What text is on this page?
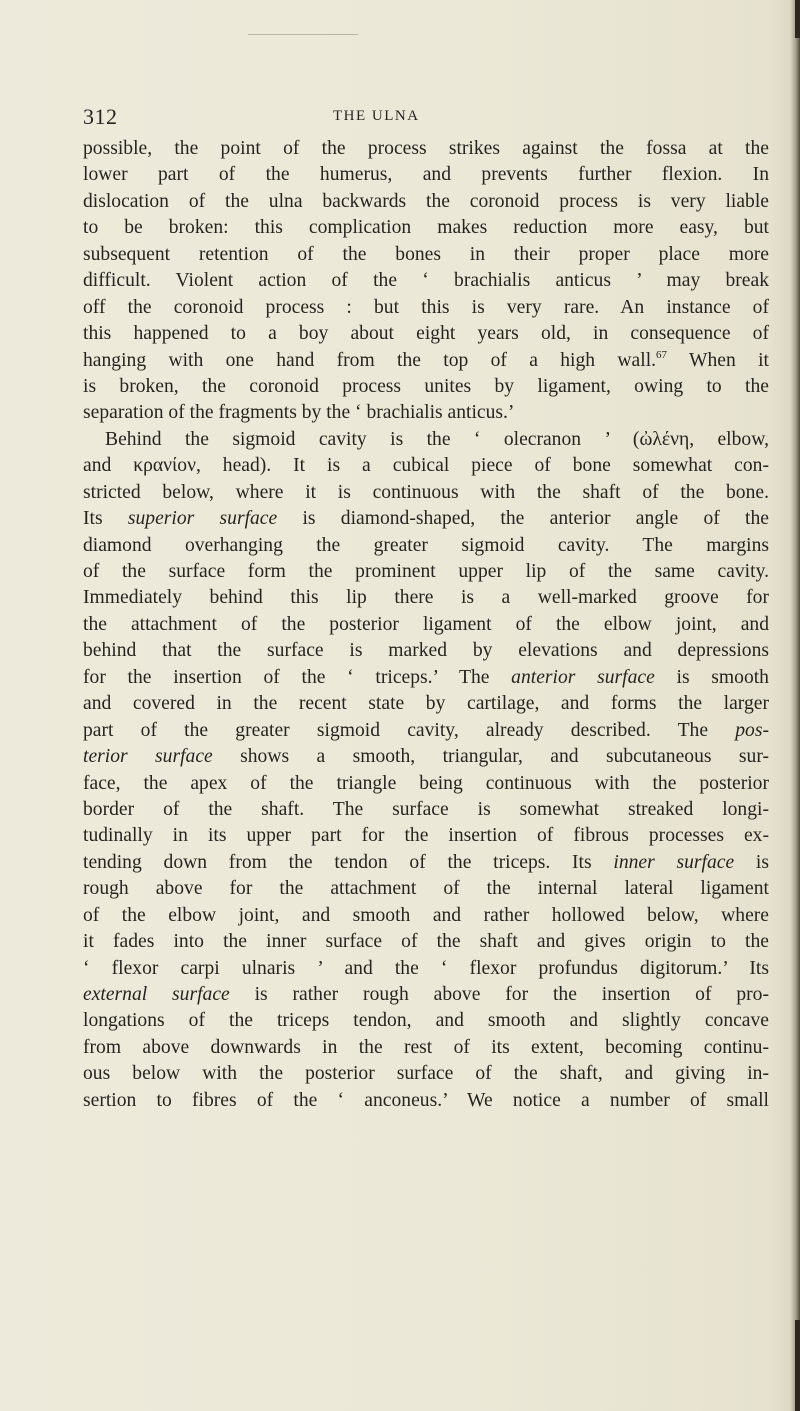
312	THE ULNA
possible, the point of the process strikes against the fossa at the
lower part of the humerus, and prevents further flexion. In
dislocation of the ulna backwards the coronoid process is very liable
to be broken: this complication makes reduction more easy, but
subsequent retention of the bones in their proper place more
difficult. Violent action of the ‘ brachialis anticus ’ may break
off the coronoid process : but this is very rare. An instance of
this happened to a boy about eight years old, in consequence of
hanging with one hand from the top of a high wall.$^{67}$ When it
is broken, the coronoid process unites by ligament, owing to the
separation of the fragments by the ‘ brachialis anticus.’
Behind the sigmoid cavity is the ‘ olecranon ’ (ὠλένη, elbow,
and κρανίον, head). It is a cubical piece of bone somewhat con-
stricted below, where it is continuous with the shaft of the bone.
Its superior surface is diamond-shaped, the anterior angle of the
diamond overhanging the greater sigmoid cavity. The margins
of the surface form the prominent upper lip of the same cavity.
Immediately behind this lip there is a well-marked groove for
the attachment of the posterior ligament of the elbow joint, and
behind that the surface is marked by elevations and depressions
for the insertion of the ‘ triceps.’ The anterior surface is smooth
and covered in the recent state by cartilage, and forms the larger
part of the greater sigmoid cavity, already described. The pos-
terior surface shows a smooth, triangular, and subcutaneous sur-
face, the apex of the triangle being continuous with the posterior
border of the shaft. The surface is somewhat streaked longi-
tudinally in its upper part for the insertion of fibrous processes ex-
tending down from the tendon of the triceps. Its inner surface is
rough above for the attachment of the internal lateral ligament
of the elbow joint, and smooth and rather hollowed below, where
it fades into the inner surface of the shaft and gives origin to the
‘ flexor carpi ulnaris ’ and the ‘ flexor profundus digitorum.’ Its
external surface is rather rough above for the insertion of pro-
longations of the triceps tendon, and smooth and slightly concave
from above downwards in the rest of its extent, becoming continu-
ous below with the posterior surface of the shaft, and giving in-
sertion to fibres of the ‘ anconeus.’ We notice a number of small
